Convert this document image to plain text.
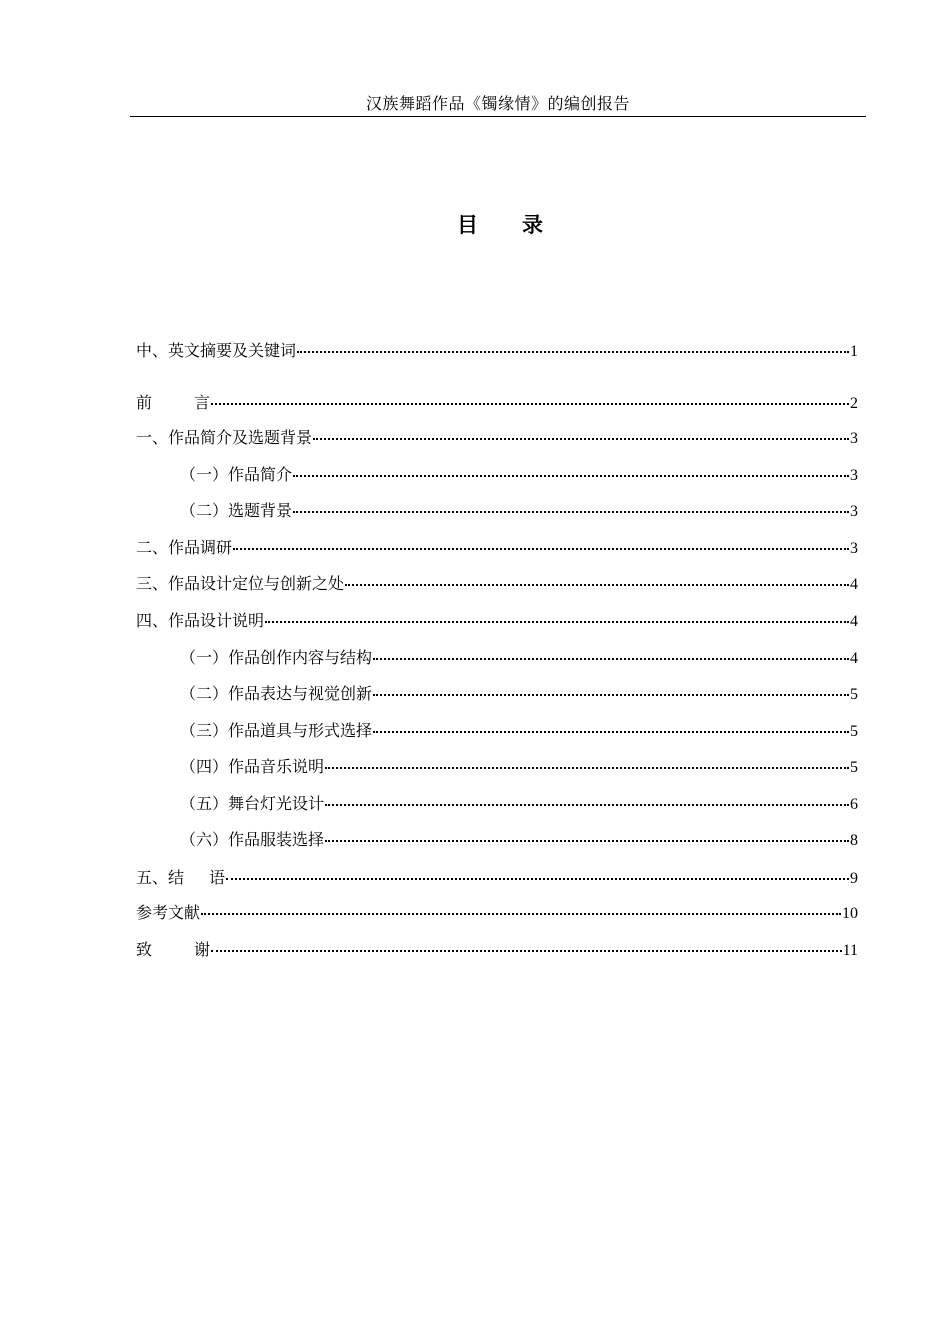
汉族舞蹈作品《镯缘情》的编创报告
目 录
中、英文摘要及关键词	1
前	言	2
一、作品简介及选题背景	3
（一）作品简介	3
（二）选题背景	3
二、作品调研	3
三、作品设计定位与创新之处	4
四、作品设计说明	4
（一）作品创作内容与结构	4
（二）作品表达与视觉创新	5
（三）作品道具与形式选择	5
（四）作品音乐说明	5
（五）舞台灯光设计	6
（六）作品服装选择	8
五、结 语	9
参考文献	10
致	谢	11
